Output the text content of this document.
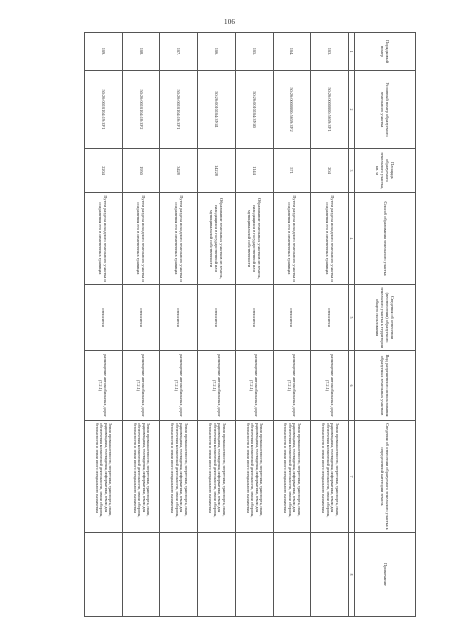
106
Порядковый номер	Условный номер образуемого земельного участка	Площадь образуемого земельного участка, кв. м	Способ образования земельного участка	Сведения об отнесении (неотнесении) образуемого земельного участка к территории общего пользования	Вид разрешенного использования образуемых земельных участков	Сведения об отнесении образуемого земельного участка к определенной категории земель	Примечание
1	2	3	4	5	6	7	8
103.	50:26:0000000:5659:ЗУ1	204	Путем раздела исходного земельного участка и сохранения его в измененных границах	относится	размещение автомобильных дорог (7.2.1)	Земли промышленности, энергетики, транспорта, связи, радиовещания, телевидения, информатики, земли для обеспечения космической деятельности, земли обороны, безопасности и земли иного специального назначения	
104.	50:26:0000000:5659:ЗУ2	571	Путем раздела исходного земельного участка и сохранения его в измененных границах	относится	размещение автомобильных дорог (7.2.1)	Земли промышленности, энергетики, транспорта, связи, радиовещания, телевидения, информатики, земли для обеспечения космической деятельности, земли обороны, безопасности и земли иного специального назначения	
105.	50:26:0010104:ЗУ40	1144	Образование земельных участков из земель, находящихся в государственной или муниципальной собственности	относится	размещение автомобильных дорог (7.2.1)	Земли промышленности, энергетики, транспорта, связи, радиовещания, телевидения, информатики, земли для обеспечения космической деятельности, земли обороны, безопасности и земли иного специального назначения	
106.	50:26:0010104:ЗУ41	14228	Образование земельных участков из земель, находящихся в государственной или муниципальной собственности	относится	размещение автомобильных дорог (7.2.1)	Земли промышленности, энергетики, транспорта, связи, радиовещания, телевидения, информатики, земли для обеспечения космической деятельности, земли обороны, безопасности и земли иного специального назначения	
107.	50:26:0010104:16:ЗУ1	3428	Путем раздела исходного земельного участка и сохранения его в измененных границах	относится	размещение автомобильных дорог (7.2.1)	Земли промышленности, энергетики, транспорта, связи, радиовещания, телевидения, информатики, земли для обеспечения космической деятельности, земли обороны, безопасности и земли иного специального назначения	
108.	50:26:0010104:18:ЗУ2	1950	Путем раздела исходного земельного участка и сохранения его в измененных границах	относится	размещение автомобильных дорог (7.2.1)	Земли промышленности, энергетики, транспорта, связи, радиовещания, телевидения, информатики, земли для обеспечения космической деятельности, земли обороны, безопасности и земли иного специального назначения	
109.	50:26:0010104:19:ЗУ1	2204	Путем раздела исходного земельного участка и сохранения его в измененных границах	относится	размещение автомобильных дорог (7.2.1)	Земли промышленности, энергетики, транспорта, связи, радиовещания, телевидения, информатики, земли для обеспечения космической деятельности, земли обороны, безопасности и земли иного специального назначения	
